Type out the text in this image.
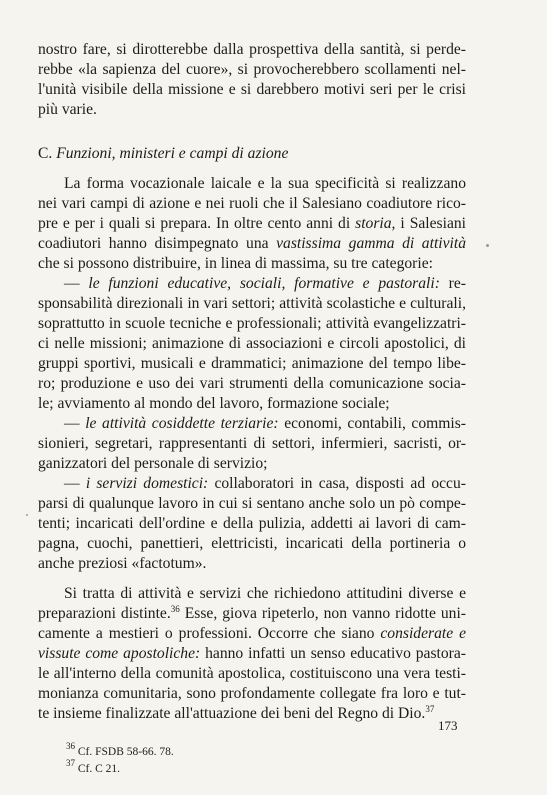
nostro fare, si dirotterebbe dalla prospettiva della santità, si perde-
rebbe «la sapienza del cuore», si provocherebbero scollamenti nel-
l'unità visibile della missione e si darebbero motivi seri per le crisi
più varie.
C. Funzioni, ministeri e campi di azione
La forma vocazionale laicale e la sua specificità si realizzano
nei vari campi di azione e nei ruoli che il Salesiano coadiutore rico-
pre e per i quali si prepara. In oltre cento anni di storia, i Salesiani
coadiutori hanno disimpegnato una vastissima gamma di attività
che si possono distribuire, in linea di massima, su tre categorie:
— le funzioni educative, sociali, formative e pastorali: re-
sponsabilità direzionali in vari settori; attività scolastiche e culturali,
soprattutto in scuole tecniche e professionali; attività evangelizzatri-
ci nelle missioni; animazione di associazioni e circoli apostolici, di
gruppi sportivi, musicali e drammatici; animazione del tempo libe-
ro; produzione e uso dei vari strumenti della comunicazione sociа-
le; avviamento al mondo del lavoro, formazione sociale;
— le attività cosiddette terziarie: economi, contabili, commis-
sionieri, segretari, rappresentanti di settori, infermieri, sacristi, or-
ganizzatori del personale di servizio;
— i servizi domestici: collaboratori in casa, disposti ad occu-
parsi di qualunque lavoro in cui si sentano anche solo un pò compe-
tenti; incaricati dell'ordine e della pulizia, addetti ai lavori di cam-
pagna, cuochi, panettieri, elettricisti, incaricati della portineria o
anche preziosi «factotum».
Si tratta di attività e servizi che richiedono attitudini diverse e
preparazioni distinte.$^{36}$ Esse, giova ripeterlo, non vanno ridotte uni-
camente a mestieri o professioni. Occorre che siano considerate e
vissute come apostoliche: hanno infatti un senso educativo pastora-
le all'interno della comunità apostolica, costituiscono una vera testi-
monianza comunitaria, sono profondamente collegate fra loro e tut-
te insieme finalizzate all'attuazione dei beni del Regno di Dio.$^{37}$
$^{36}$ Cf. FSDB 58-66. 78.
$^{37}$ Cf. C 21.
173
